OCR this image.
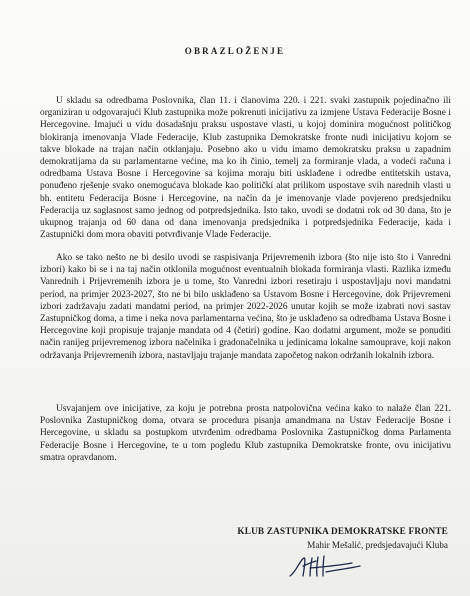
OBRAZLOŽENJE

U skladu sa odredbama Poslovnika, član 11. i članovima 220. i 221. svaki zastupnik pojedinačno ili organiziran u odgovarajući Klub zastupnika može pokrenuti inicijativu za izmjene Ustava Federacije Bosne i Hercegovine. Imajući u vidu dosadašnju praksu uspostave vlasti, u kojoj dominira mogućnost političkog blokiranja imenovanja Vlade Federacije, Klub zastupnika Demokratske fronte nudi inicijativu kojom se takve blokade na trajan način otklanjaju. Posebno ako u vidu imamo demokratsku praksu u zapadnim demokratijama da su parlamentarne većine, ma ko ih činio, temelj za formiranje vlada, a vodeći računa i odredbama Ustava Bosne i Hercegovine sa kojima moraju biti usklađene i odredbe entitetskih ustava, ponuđeno rješenje svako onemogućava blokade kao političkí alat prilikom uspostave svih narednih vlasti u bh. entitetu Federacija Bosne i Hercegovine, na način da je imenovanje vlade povjereno predsjedniku Federacija uz saglasnost samo jednog od potpredsjednika. Isto tako, uvodi se dodatni rok od 30 dana, što je ukupnog trajanja od 60 dana od dana imenovanja predsjednika i potpredsjednika Federacije, kada i Zastupnički dom mora obaviti potvrđivanje Vlade Federacije.

Ako se tako nešto ne bi desilo uvodi se raspisivanja Prijevremenih izbora (što nije isto što i Vanredni izbori) kako bi se i na taj način otklonila mogućnost eventualnih blokada formiranja vlasti. Razlika između Vanrednih i Prijevremenih izbora je u tome, što Vanredni izbori resetiraju i uspostavljaju novi mandatni period, na primjer 2023-2027, što ne bi bilo usklađeno sa Ustavom Bosne i Hercegovine, dok Prijevremeni izbori zadržavaju zadati mandatni period, na primjer 2022-2026 unutar kojih se može izabrati novi sastav Zastupničkog doma, a time i neka nova parlamentarna većina, što je usklađeno sa odredbama Ustava Bosne i Hercegovine koji propisuje trajanje mandata od 4 (četiri) godine. Kao dodatni argument, može se ponuditi način ranijeg prijevremenog izbora načelnika i gradonačelnika u jedinicama lokalne samouprave, koji nakon održavanja Prijevremenih izbora, nastavljaju trajanje mandata započetog nakon održanih lokalnih izbora.

Usvajanjem ove inicijative, za koju je potrebna prosta natpolovična većina kako to nalaže član 221. Poslovnika Zastupničkog doma, otvara se procedura pisanja amandmana na Ustav Federacije Bosne i Hercegovine, u skladu sa postupkom utvrđenim odredbama Poslovnika Zastupničkog doma Parlamenta Federacije Bosne i Hercegovine, te u tom pogledu Klub zastupnika Demokratske fronte, ovu inicijativu smatra opravdanom.

KLUB ZASTUPNIKA DEMOKRATSKE FRONTE
Mahir Mešalić, predsjedavajući Kluba
